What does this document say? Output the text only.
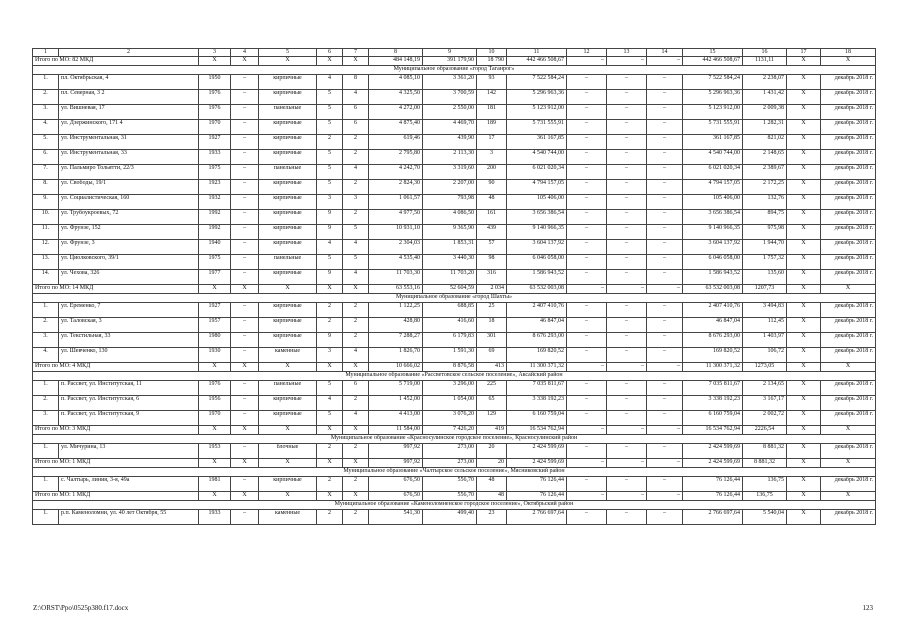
1	2	3	4	5	6	7	8	9	10	11	12	13	14	15	16	17	18
Итого по МО: 82 МКД		X	X	X	X	X	484 148,19	391 179,90	18 790	442 466 508,67	–	–	–	442 466 508,67	1131,11	X	X
Муниципальное образование «город Таганрог»																	
1.	пл. Октябрьская, 4	1950	–	кирпичные	4	8	4 085,10	3 361,20	93	7 522 584,24	–	–	–	7 522 584,24	2 238,07	X	декабрь 2018 г.
2.	пл. Северная, 3 2	1976	–	кирпичные	5	4	4 325,50	3 700,59	142	5 296 963,36	–	–	–	5 296 963,36	1 431,42	X	декабрь 2018 г.
3.	ул. Вишневая, 17	1976	–	панельные	5	6	4 272,00	2 550,00	181	5 123 912,00	–	–	–	5 123 912,00	2 009,38	X	декабрь 2018 г.
4.	ул. Дзержинского, 171 4	1970	–	кирпичные	5	6	4 875,40	4 469,70	189	5 731 555,91	–	–	–	5 731 555,91	1 282,31	X	декабрь 2018 г.
5.	ул. Инструментальная, 31	1927	–	кирпичные	2	2	619,46	439,90	17	361 167,85	–	–	–	361 167,85	821,02	X	декабрь 2018 г.
6.	ул. Инструментальная, 33	1933	–	кирпичные	5	2	2 795,80	2 113,30	3	4 540 744,00	–	–	–	4 540 744,00	2 148,65	X	декабрь 2018 г.
7.	ул. Пальмиро Тольятти, 22/3	1975	–	панельные	5	4	4 242,70	3 319,60	200	6 021 020,34	–	–	–	6 021 020,34	2 389,67	X	декабрь 2018 г.
8.	ул. Свободы, 19/1	1923	–	кирпичные	5	2	2 824,30	2 207,00	90	4 794 157,05	–	–	–	4 794 157,05	2 172,25	X	декабрь 2018 г.
9.	ул. Социалистическая, 160	1932	–	кирпичные	3	3	1 061,57	793,98	48	105 406,00	–	–	–	105 406,00	132,76	X	декабрь 2018 г.
10.	ул. Трубоукроевых, 72	1992	–	кирпичные	9	2	4 977,50	4 086,50	161	3 656 386,54	–	–	–	3 656 386,54	894,75	X	декабрь 2018 г.
11.	ул. Фрунзе, 152	1992	–	кирпичные	9	5	10 931,10	9 365,90	439	9 140 966,35	–	–	–	9 140 966,35	975,98	X	декабрь 2018 г.
12.	ул. Фрунзе, 3	1940	–	кирпичные	4	4	2 304,03	1 853,31	57	3 604 137,92	–	–	–	3 604 137,92	1 944,70	X	декабрь 2018 г.
13.	ул. Циолковского, 39/1	1975	–	панельные	5	5	4 535,40	3 440,30	98	6 046 058,00	–	–	–	6 046 058,00	1 757,32	X	декабрь 2018 г.
14.	ул. Чехова, 326	1977	–	кирпичные	9	4	11 703,30	11 703,20	316	1 586 943,52	–	–	–	1 586 943,52	135,60	X	декабрь 2018 г.
Итого по МО: 14 МКД		X	X	X	X	X	63 553,16	52 604,59	2 034	63 532 003,08	–	–	–	63 532 003,08	1207,73	X	X
Муниципальное образование «город Шахты»																	
1.	ул. Еременко, 7	1927	–	кирпичные	2	2	1 122,25	688,85	25	2 407 410,76	–	–	–	2 407 410,76	3 494,83	X	декабрь 2018 г.
2.	ул. Таловская, 3	1957	–	кирпичные	2	2	428,80	416,60	18	46 847,04	–	–	–	46 847,04	112,45	X	декабрь 2018 г.
3.	ул. Текстильная, 33	1980	–	кирпичные	9	2	7 288,27	6 179,83	301	8 676 293,00	–	–	–	8 676 293,00	1 403,97	X	декабрь 2018 г.
4.	ул. Шевченко, 130	1930	–	каменные	3	4	1 826,70	1 591,30	69	169 820,52	–	–	–	169 820,52	106,72	X	декабрь 2018 г.
Итого по МО: 4 МКД		X	X	X	X	X	10 666,02	8 876,58	413	11 300 371,32	–	–	–	11 300 371,32	1273,05	X	X
Муниципальное образование «Рассветовское сельское поселение», Аксайский район																	
1.	п. Рассвет, ул. Институтская, 11	1976	–	панельные	5	6	5 719,00	3 296,00	225	7 035 811,67	–	–	–	7 035 811,67	2 134,65	X	декабрь 2018 г.
2.	п. Рассвет, ул. Институтская, 6	1956	–	кирпичные	4	2	1 452,00	1 054,00	65	3 338 192,23	–	–	–	3 338 192,23	3 167,17	X	декабрь 2018 г.
3.	п. Рассвет, ул. Институтская, 9	1970	–	кирпичные	5	4	4 413,00	3 076,20	129	6 160 759,04	–	–	–	6 160 759,04	2 002,72	X	декабрь 2018 г.
Итого по МО: 3 МКД		X	X	X	X	X	11 584,00	7 426,20	419	16 534 762,94	–	–	–	16 534 762,94	2226,54	X	X
Муниципальное образование «Красносулинское городское поселение», Красносулинский район																	
1.	ул. Мичурина, 13	1953	–	блочные	2	2	997,92	273,00	20	2 424 599,69	–	–	–	2 424 599,69	8 881,32	X	декабрь 2018 г.
Итого по МО: 1 МКД		X	X	X	X	X	997,92	273,00	20	2 424 599,69	–	–	–	2 424 599,69	8 881,32	X	X
Муниципальное образование «Чалтырское сельское поселение», Мясниковский район																	
1.	с. Чалтырь, линия, 3-я, 49а	1981	–	кирпичные	2	2	676,50	556,70	48	76 126,44	–	–	–	76 126,44	136,75	X	декабрь 2018 г.
Итого по МО: 1 МКД		X	X	X	X	X	676,50	556,70	48	76 126,44	–	–	–	76 126,44	136,75	X	X
Муниципальное образование «Каменоломненское городское поселение», Октябрьский район																	
1.	р.п. Каменоломни, ул. 40 лет Октября, 55	1933	–	каменные	2	2	541,30	499,40	23	2 766 697,64	–	–	–	2 766 697,64	5 540,04	X	декабрь 2018 г.
Z:\ORST\Ppo\0525p380.f17.docx	123
